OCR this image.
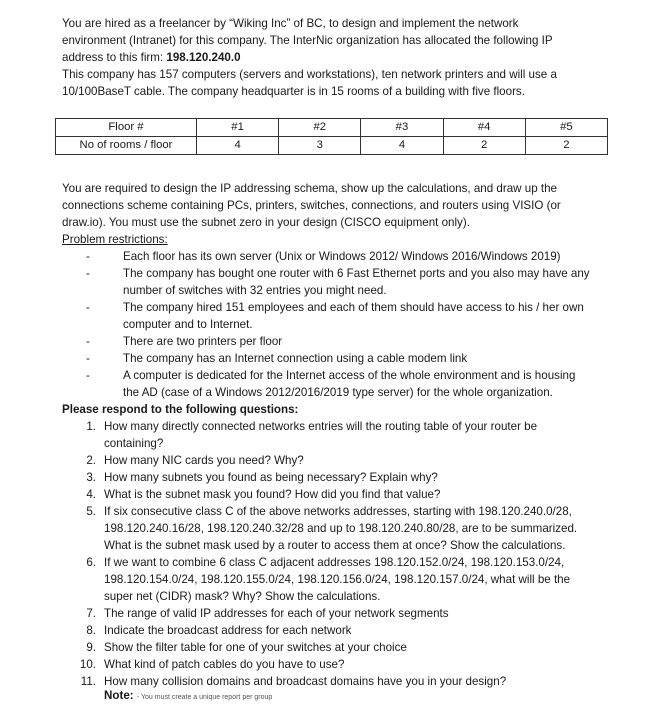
You are hired as a freelancer by “Wiking Inc” of BC, to design and implement the network

environment (Intranet) for this company. The InterNic organization has allocated the following IP

address to this firm: 198.120.240.0

This company has 157 computers (servers and workstations), ten network printers and will use a

10/100BaseT cable. The company headquarter is in 15 rooms of a building with five floors.

Floor #	#1	#2	#3	#4	#5
No of rooms / floor	4	3	4	2	2

You are required to design the IP addressing schema, show up the calculations, and draw up the

connections scheme containing PCs, printers, switches, connections, and routers using VISIO (or

draw.io). You must use the subnet zero in your design (CISCO equipment only).

Problem restrictions:

-	Each floor has its own server (Unix or Windows 2012/ Windows 2016/Windows 2019)
-	The company has bought one router with 6 Fast Ethernet ports and you also may have any
number of switches with 32 entries you might need.
-	The company hired 151 employees and each of them should have access to his / her own
computer and to Internet.
-	There are two printers per floor
-	The company has an Internet connection using a cable modem link
-	A computer is dedicated for the Internet access of the whole environment and is housing
the AD (case of a Windows 2012/2016/2019 type server) for the whole organization.

Please respond to the following questions:

1. How many directly connected networks entries will the routing table of your router be
containing?
2. How many NIC cards you need? Why?
3. How many subnets you found as being necessary? Explain why?
4. What is the subnet mask you found? How did you find that value?
5. If six consecutive class C of the above networks addresses, starting with 198.120.240.0/28,
198.120.240.16/28, 198.120.240.32/28 and up to 198.120.240.80/28, are to be summarized.
What is the subnet mask used by a router to access them at once? Show the calculations.
6. If we want to combine 6 class C adjacent addresses 198.120.152.0/24, 198.120.153.0/24,
198.120.154.0/24, 198.120.155.0/24, 198.120.156.0/24, 198.120.157.0/24, what will be the
super net (CIDR) mask? Why? Show the calculations.
7. The range of valid IP addresses for each of your network segments
8. Indicate the broadcast address for each network
9. Show the filter table for one of your switches at your choice
10. What kind of patch cables do you have to use?
11. How many collision domains and broadcast domains have you in your design?
Note: - You must create a unique report per group
